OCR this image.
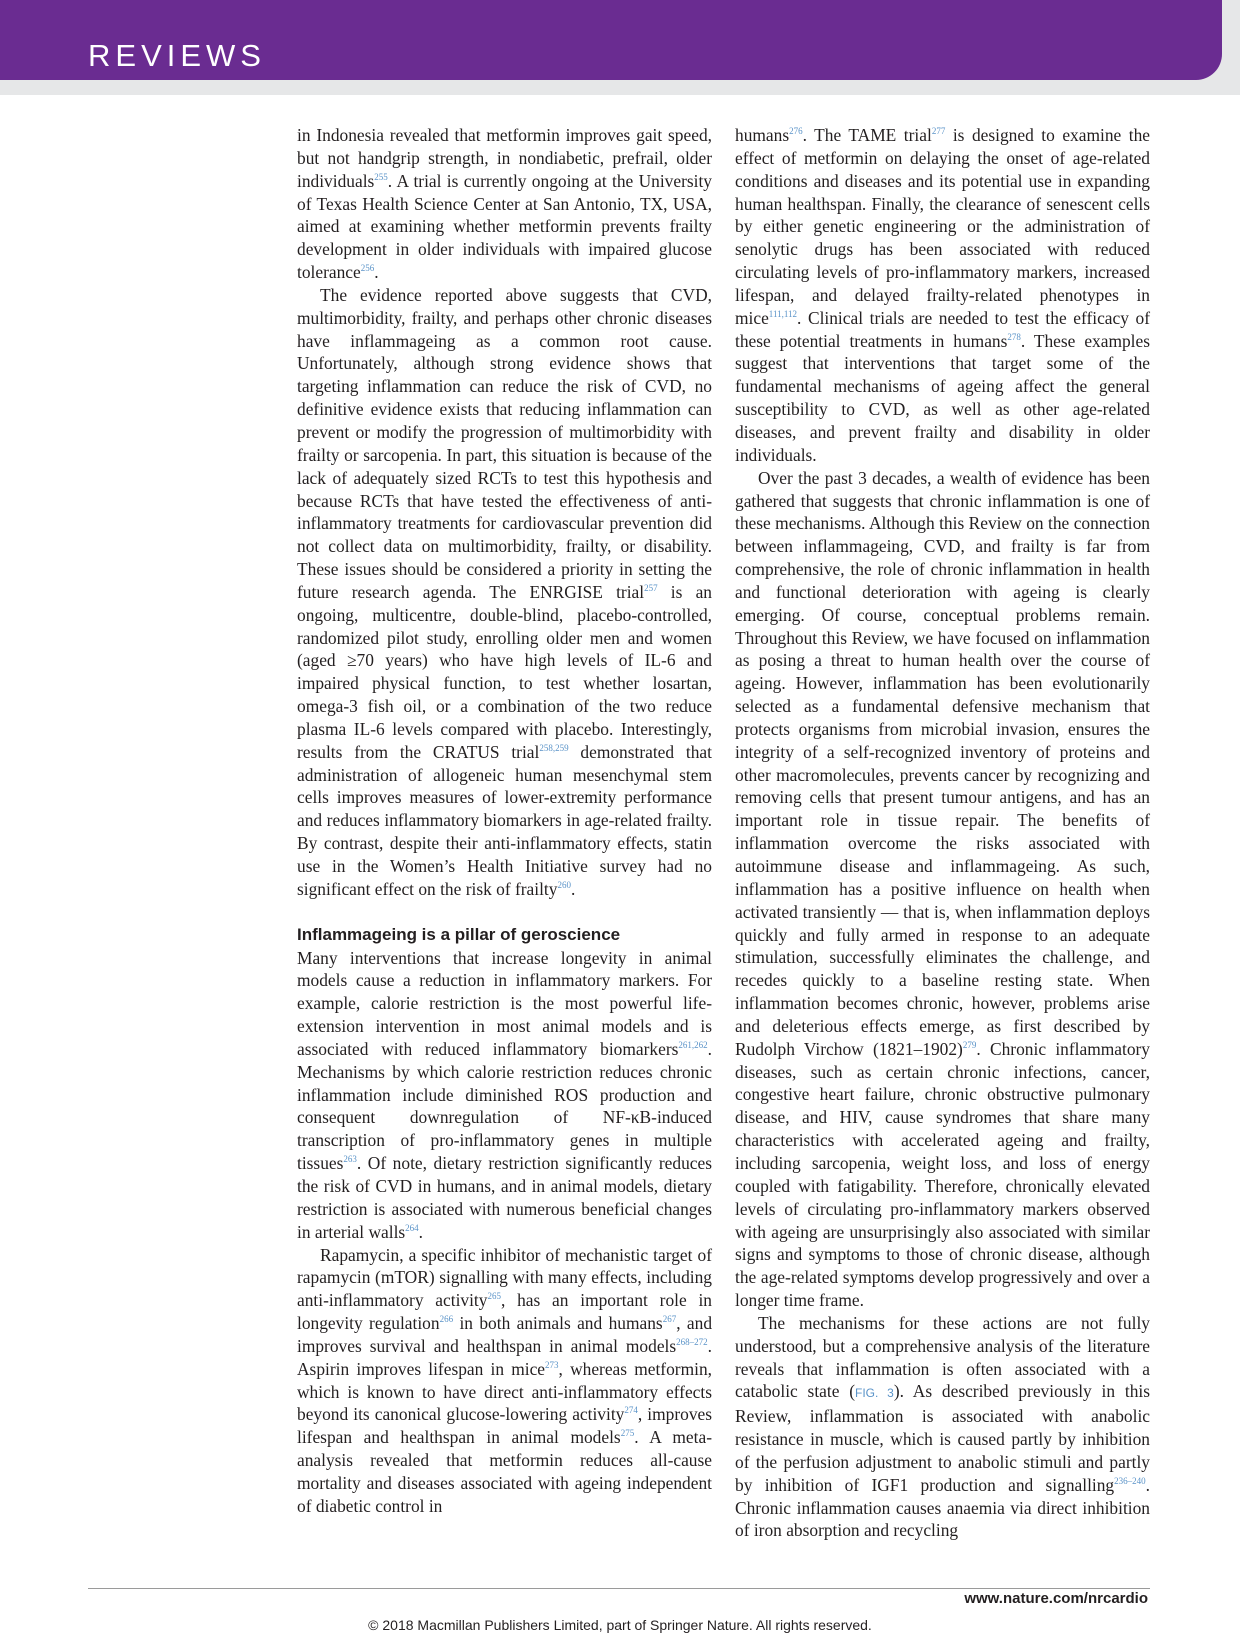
REVIEWS

in Indonesia revealed that metformin improves gait speed, but not handgrip strength, in nondiabetic, prefrail, older individuals$^{255}$. A trial is currently ongoing at the University of Texas Health Science Center at San Antonio, TX, USA, aimed at examining whether metformin prevents frailty development in older individuals with impaired glucose tolerance$^{256}$.

The evidence reported above suggests that CVD, multimorbidity, frailty, and perhaps other chronic diseases have inflammageing as a common root cause. Unfortunately, although strong evidence shows that targeting inflammation can reduce the risk of CVD, no definitive evidence exists that reducing inflammation can prevent or modify the progression of multimorbidity with frailty or sarcopenia. In part, this situation is because of the lack of adequately sized RCTs to test this hypothesis and because RCTs that have tested the effectiveness of anti-inflammatory treatments for cardiovascular prevention did not collect data on multimorbidity, frailty, or disability. These issues should be considered a priority in setting the future research agenda. The ENRGISE trial$^{257}$ is an ongoing, multicentre, double-blind, placebo-controlled, randomized pilot study, enrolling older men and women (aged ≥70 years) who have high levels of IL-6 and impaired physical function, to test whether losartan, omega-3 fish oil, or a combination of the two reduce plasma IL-6 levels compared with placebo. Interestingly, results from the CRATUS trial$^{258,259}$ demonstrated that administration of allogeneic human mesenchymal stem cells improves measures of lower-extremity performance and reduces inflammatory biomarkers in age-related frailty. By contrast, despite their anti-inflammatory effects, statin use in the Women’s Health Initiative survey had no significant effect on the risk of frailty$^{260}$.

Inflammageing is a pillar of geroscience

Many interventions that increase longevity in animal models cause a reduction in inflammatory markers. For example, calorie restriction is the most powerful life-extension intervention in most animal models and is associated with reduced inflammatory biomarkers$^{261,262}$. Mechanisms by which calorie restriction reduces chronic inflammation include diminished ROS production and consequent downregulation of NF-κB-induced transcription of pro-inflammatory genes in multiple tissues$^{263}$. Of note, dietary restriction significantly reduces the risk of CVD in humans, and in animal models, dietary restriction is associated with numerous beneficial changes in arterial walls$^{264}$.

Rapamycin, a specific inhibitor of mechanistic target of rapamycin (mTOR) signalling with many effects, including anti-inflammatory activity$^{265}$, has an important role in longevity regulation$^{266}$ in both animals and humans$^{267}$, and improves survival and healthspan in animal models$^{268-272}$. Aspirin improves lifespan in mice$^{273}$, whereas metformin, which is known to have direct anti-inflammatory effects beyond its canonical glucose-lowering activity$^{274}$, improves lifespan and healthspan in animal models$^{275}$. A meta-analysis revealed that metformin reduces all-cause mortality and diseases associated with ageing independent of diabetic control in

humans$^{276}$. The TAME trial$^{277}$ is designed to examine the effect of metformin on delaying the onset of age-related conditions and diseases and its potential use in expanding human healthspan. Finally, the clearance of senescent cells by either genetic engineering or the administration of senolytic drugs has been associated with reduced circulating levels of pro-inflammatory markers, increased lifespan, and delayed frailty-related phenotypes in mice$^{111,112}$. Clinical trials are needed to test the efficacy of these potential treatments in humans$^{278}$. These examples suggest that interventions that target some of the fundamental mechanisms of ageing affect the general susceptibility to CVD, as well as other age-related diseases, and prevent frailty and disability in older individuals.

Over the past 3 decades, a wealth of evidence has been gathered that suggests that chronic inflammation is one of these mechanisms. Although this Review on the connection between inflammageing, CVD, and frailty is far from comprehensive, the role of chronic inflammation in health and functional deterioration with ageing is clearly emerging. Of course, conceptual problems remain. Throughout this Review, we have focused on inflammation as posing a threat to human health over the course of ageing. However, inflammation has been evolutionarily selected as a fundamental defensive mechanism that protects organisms from microbial invasion, ensures the integrity of a self-recognized inventory of proteins and other macromolecules, prevents cancer by recognizing and removing cells that present tumour antigens, and has an important role in tissue repair. The benefits of inflammation overcome the risks associated with autoimmune disease and inflammageing. As such, inflammation has a positive influence on health when activated transiently — that is, when inflammation deploys quickly and fully armed in response to an adequate stimulation, successfully eliminates the challenge, and recedes quickly to a baseline resting state. When inflammation becomes chronic, however, problems arise and deleterious effects emerge, as first described by Rudolph Virchow (1821–1902)$^{279}$. Chronic inflammatory diseases, such as certain chronic infections, cancer, congestive heart failure, chronic obstructive pulmonary disease, and HIV, cause syndromes that share many characteristics with accelerated ageing and frailty, including sarcopenia, weight loss, and loss of energy coupled with fatigability. Therefore, chronically elevated levels of circulating pro-inflammatory markers observed with ageing are unsurprisingly also associated with similar signs and symptoms to those of chronic disease, although the age-related symptoms develop progressively and over a longer time frame.

The mechanisms for these actions are not fully understood, but a comprehensive analysis of the literature reveals that inflammation is often associated with a catabolic state (FIG. 3). As described previously in this Review, inflammation is associated with anabolic resistance in muscle, which is caused partly by inhibition of the perfusion adjustment to anabolic stimuli and partly by inhibition of IGF1 production and signalling$^{236-240}$. Chronic inflammation causes anaemia via direct inhibition of iron absorption and recycling

www.nature.com/nrcardio
© 2018 Macmillan Publishers Limited, part of Springer Nature. All rights reserved.
